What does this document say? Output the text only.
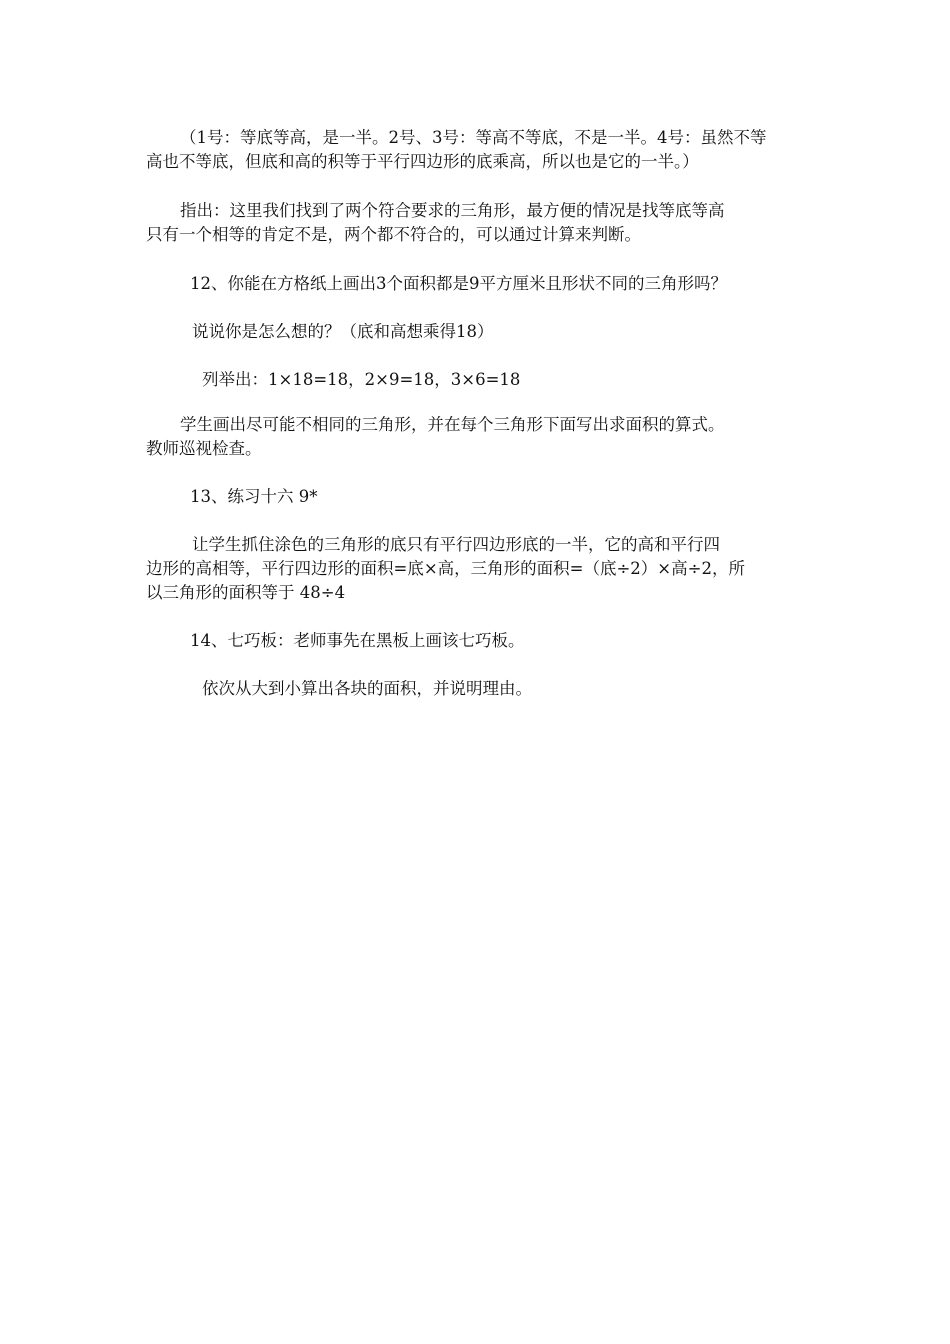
（1号：等底等高，是一半。2号、3号：等高不等底，不是一半。4号：虽然不等
高也不等底，但底和高的积等于平行四边形的底乘高，所以也是它的一半。）

指出：这里我们找到了两个符合要求的三角形，最方便的情况是找等底等高
只有一个相等的肯定不是，两个都不符合的，可以通过计算来判断。

12、你能在方格纸上画出3个面积都是9平方厘米且形状不同的三角形吗？

说说你是怎么想的？（底和高想乘得18）

列举出：1×18=18，2×9=18，3×6=18

学生画出尽可能不相同的三角形，并在每个三角形下面写出求面积的算式。
教师巡视检查。

13、练习十六 9*

让学生抓住涂色的三角形的底只有平行四边形底的一半，它的高和平行四
边形的高相等，平行四边形的面积=底×高，三角形的面积=（底÷2）×高÷2，所
以三角形的面积等于 48÷4

14、七巧板：老师事先在黑板上画该七巧板。

依次从大到小算出各块的面积，并说明理由。
